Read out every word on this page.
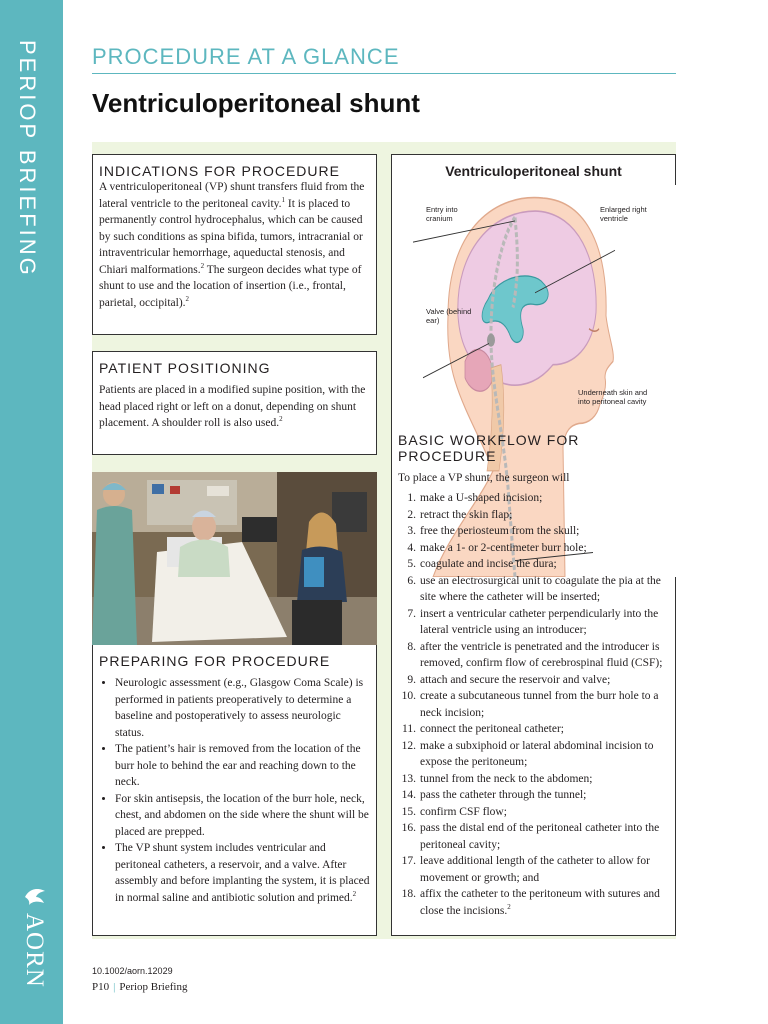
PERIOP BRIEFING
AORN
PROCEDURE AT A GLANCE
Ventriculoperitoneal shunt

INDICATIONS FOR PROCEDURE

A ventriculoperitoneal (VP) shunt transfers fluid from the lateral ventricle to the peritoneal cavity.$^1$ It is placed to permanently control hydrocephalus, which can be caused by such conditions as spina bifida, tumors, intracranial or intraventricular hemorrhage, aqueductal stenosis, and Chiari malformations.$^2$ The surgeon decides what type of shunt to use and the location of insertion (i.e., frontal, parietal, occipital).$^2$

PATIENT POSITIONING

Patients are placed in a modified supine position, with the head placed right or left on a donut, depending on shunt placement. A shoulder roll is also used.$^2$

PREPARING FOR PROCEDURE

• Neurologic assessment (e.g., Glasgow Coma Scale) is performed in patients preoperatively to determine a baseline and postoperatively to assess neurologic status.
• The patient’s hair is removed from the location of the burr hole to behind the ear and reaching down to the neck.
• For skin antisepsis, the location of the burr hole, neck, chest, and abdomen on the side where the shunt will be placed are prepped.
• The VP shunt system includes ventricular and peritoneal catheters, a reservoir, and a valve. After assembly and before implanting the system, it is placed in normal saline and antibiotic solution and primed.$^2$
Ventriculoperitoneal shunt
Entry into cranium
Enlarged right ventricle
Valve (behind ear)
Underneath skin and into peritoneal cavity

BASIC WORKFLOW FOR PROCEDURE

To place a VP shunt, the surgeon will

1. make a U-shaped incision;
2. retract the skin flap;
3. free the periosteum from the skull;
4. make a 1- or 2-centimeter burr hole;
5. coagulate and incise the dura;
6. use an electrosurgical unit to coagulate the pia at the site where the catheter will be inserted;
7. insert a ventricular catheter perpendicularly into the lateral ventricle using an introducer;
8. after the ventricle is penetrated and the introducer is removed, confirm flow of cerebrospinal fluid (CSF);
9. attach and secure the reservoir and valve;
10. create a subcutaneous tunnel from the burr hole to a neck incision;
11. connect the peritoneal catheter;
12. make a subxiphoid or lateral abdominal incision to expose the peritoneum;
13. tunnel from the neck to the abdomen;
14. pass the catheter through the tunnel;
15. confirm CSF flow;
16. pass the distal end of the peritoneal catheter into the peritoneal cavity;
17. leave additional length of the catheter to allow for movement or growth; and
18. affix the catheter to the peritoneum with sutures and close the incisions.$^2$
10.1002/aorn.12029
P10 | Periop Briefing
